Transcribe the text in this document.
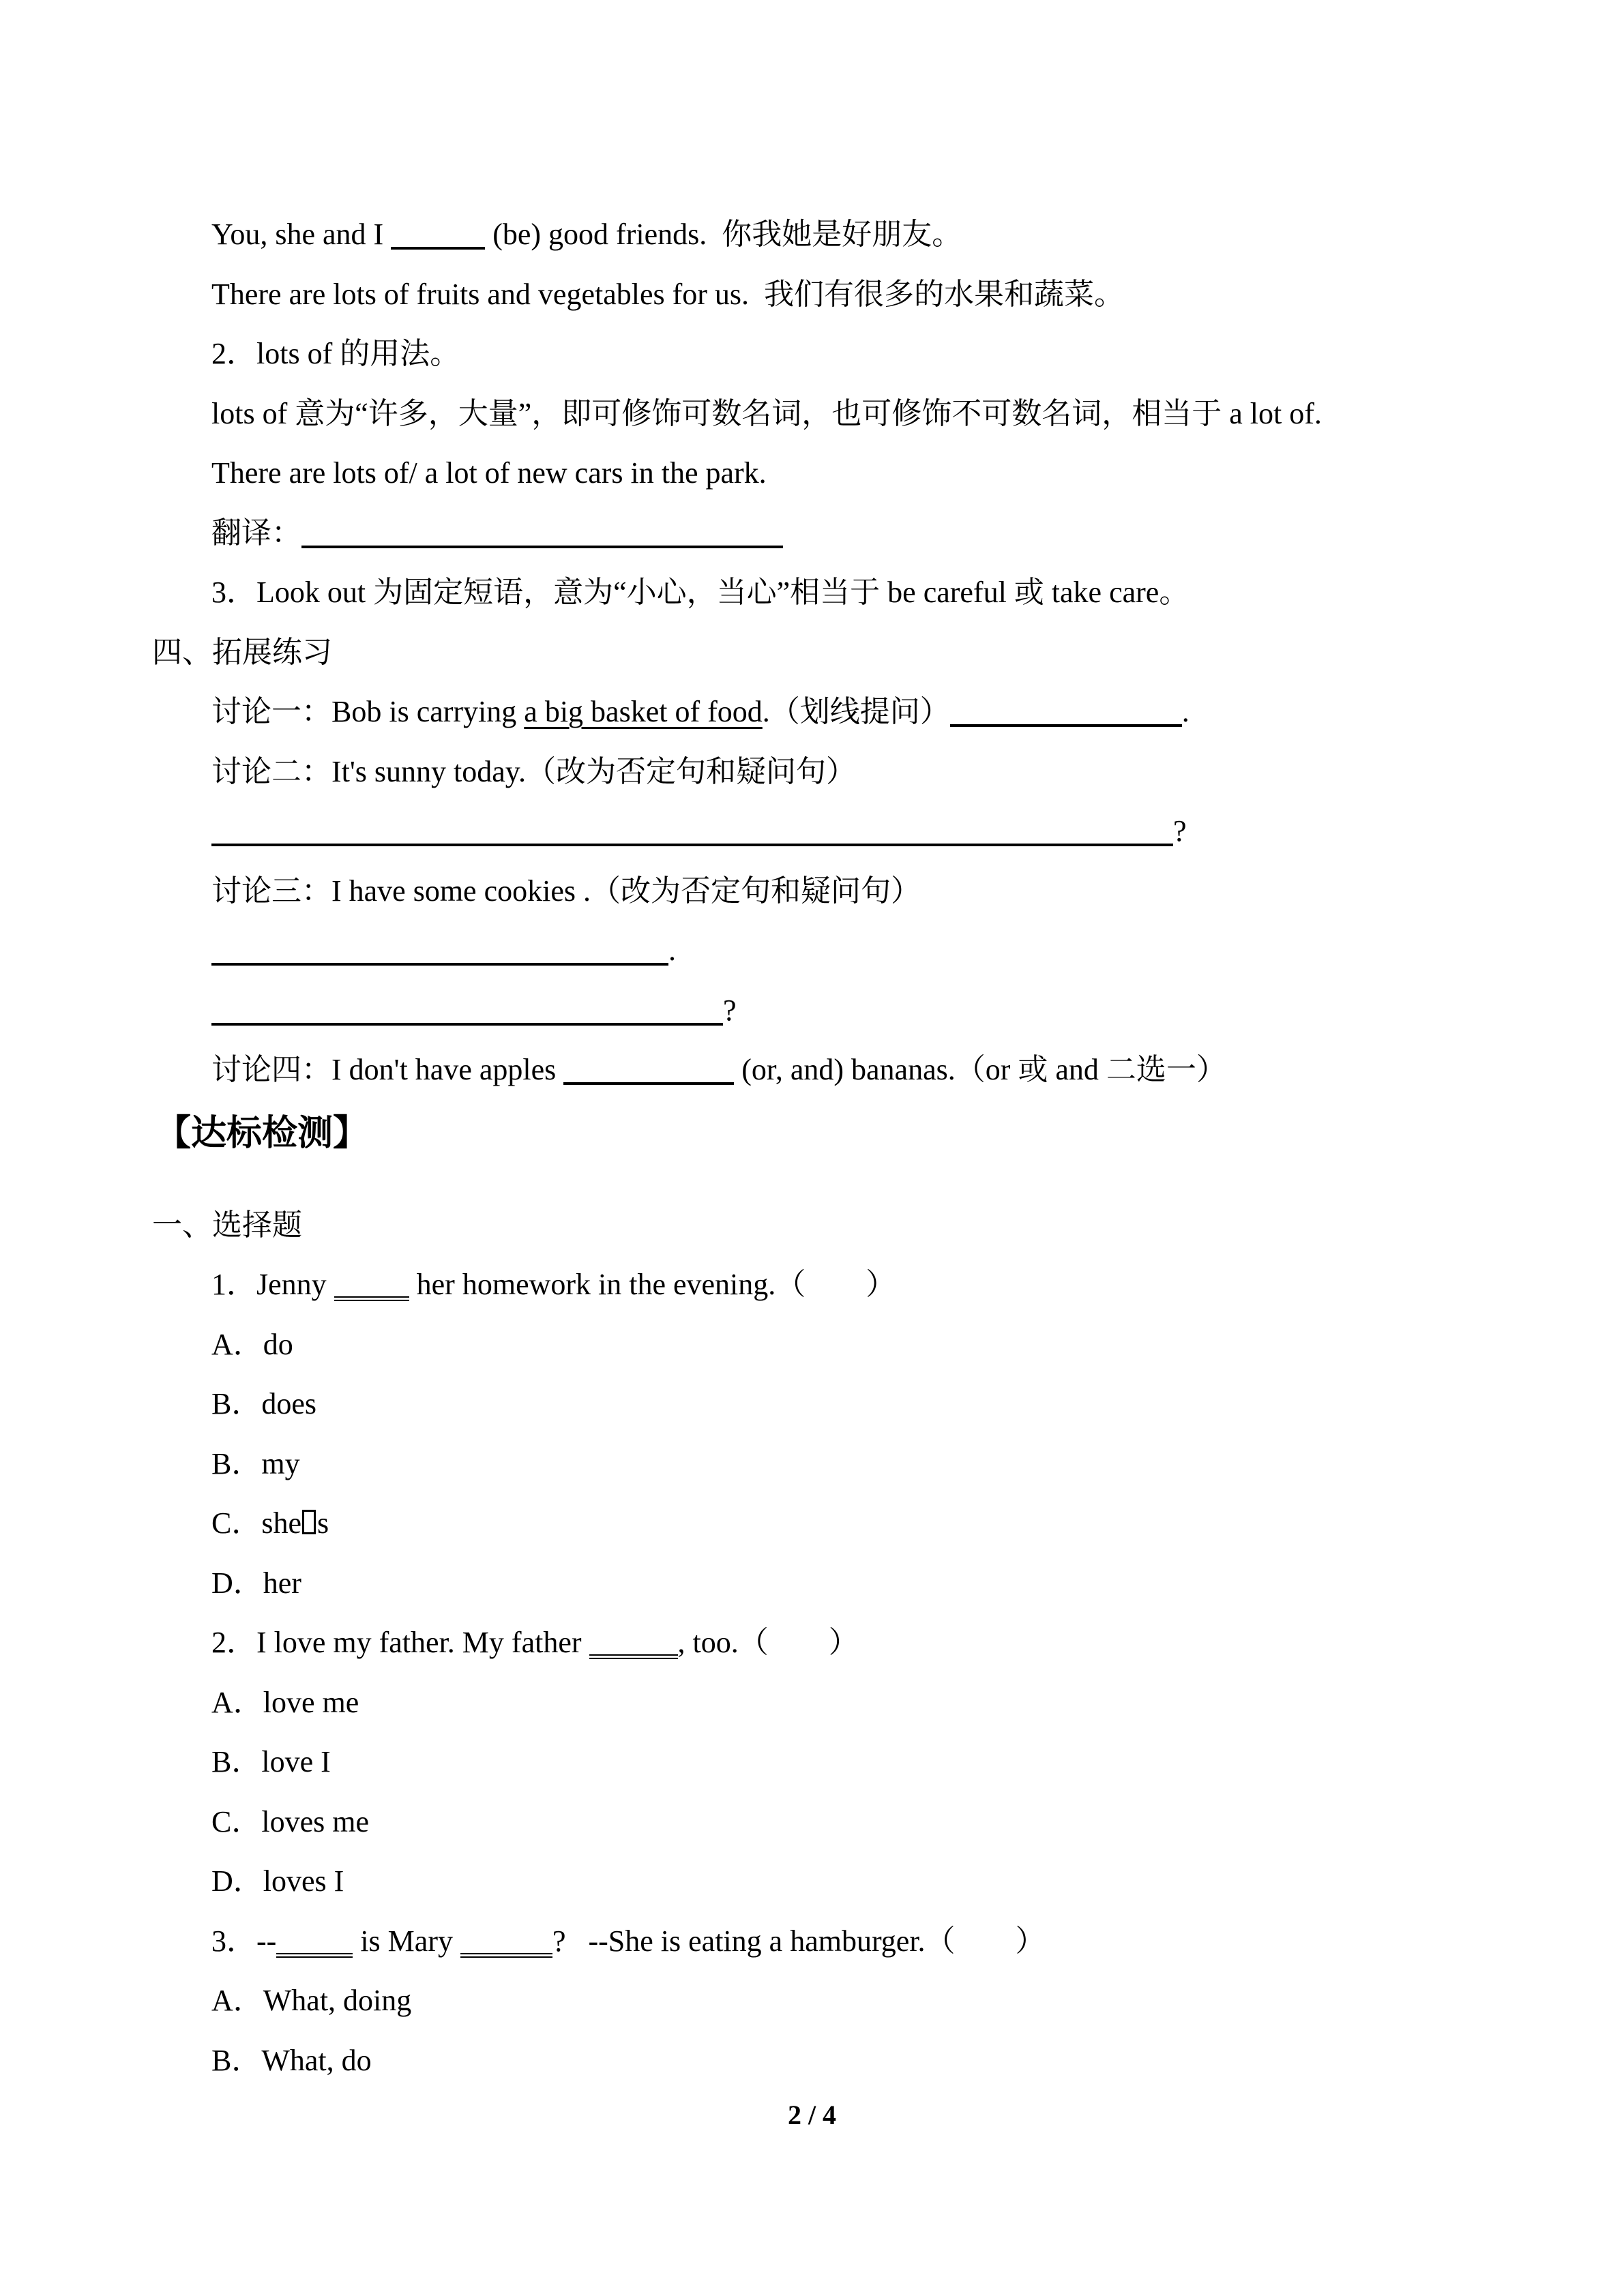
You, she and I	(be) good friends.  你我她是好朋友。
There are lots of fruits and vegetables for us.  我们有很多的水果和蔬菜。
2．lots of 的用法。
lots of 意为“许多，大量”，即可修饰可数名词，也可修饰不可数名词，相当于 a lot of.
There are lots of/ a lot of new cars in the park.
翻译：
3．Look out 为固定短语，意为“小心，当心”相当于 be careful 或 take care。
四、拓展练习
讨论一：Bob is carrying a big basket of food.（划线提问）	.
讨论二：It's sunny today.（改为否定句和疑问句）
?
讨论三：I have some cookies .（改为否定句和疑问句）
.
?
讨论四：I don't have apples	(or, and) bananas.（or 或 and 二选一）
【达标检测】
一、选择题
1．Jenny	her homework in the evening.（　　）
A．do
B．does
B．my
C．she s
D．her
2．I love my father. My father	, too.（　　）
A．love me
B．love I
C．loves me
D．loves I
3．--	is Mary	?   --She is eating a hamburger.（　　）
A．What, doing
B．What, do
2 / 4
